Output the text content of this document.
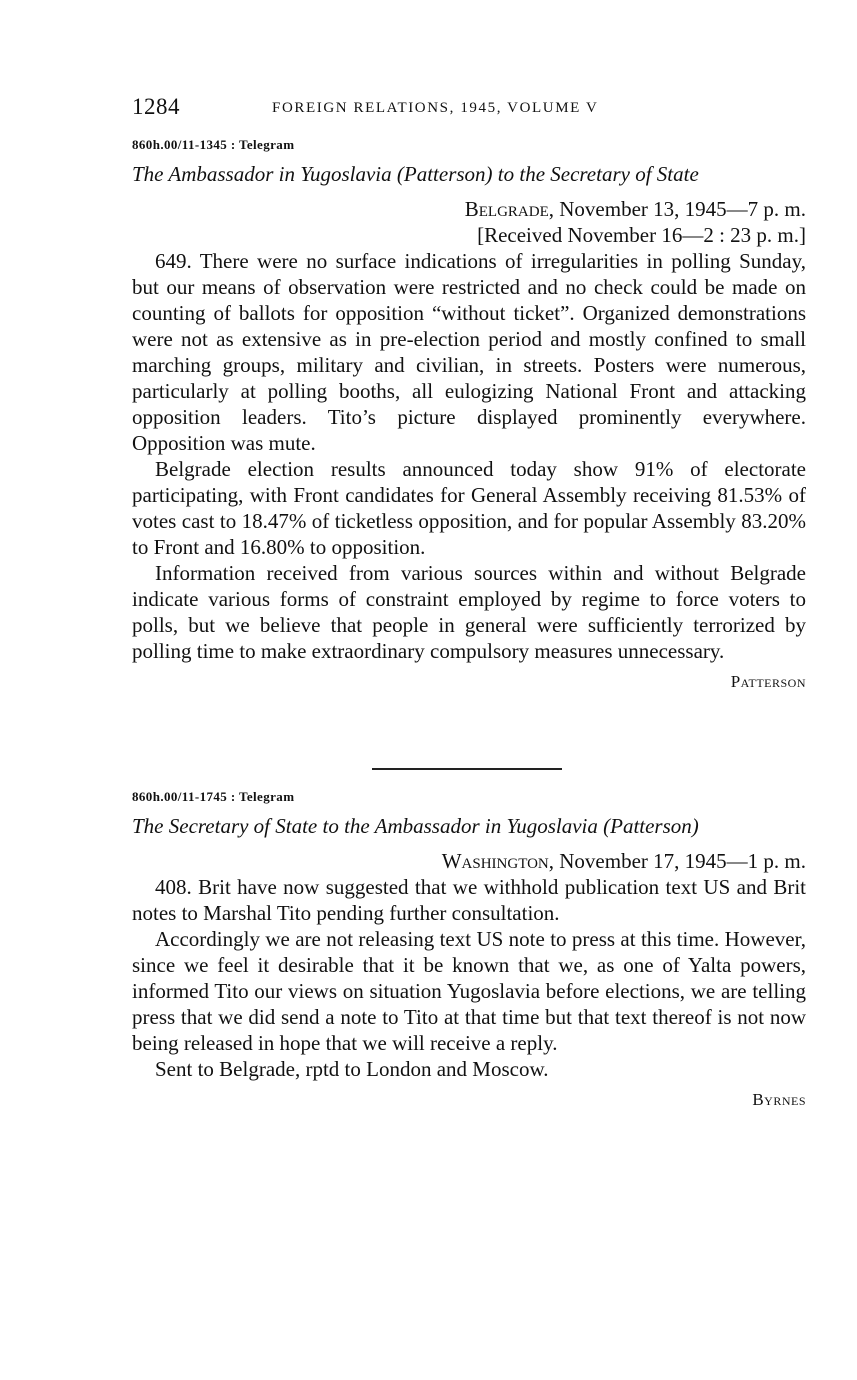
1284	FOREIGN RELATIONS, 1945, VOLUME V
860h.00/11-1345 : Telegram
The Ambassador in Yugoslavia (Patterson) to the Secretary of State
Belgrade, November 13, 1945—7 p. m.
[Received November 16—2 : 23 p. m.]

649. There were no surface indications of irregularities in polling Sunday, but our means of observation were restricted and no check could be made on counting of ballots for opposition “without ticket”. Organized demonstrations were not as extensive as in pre-election period and mostly confined to small marching groups, military and civilian, in streets. Posters were numerous, particularly at polling booths, all eulogizing National Front and attacking opposition leaders. Tito’s picture displayed prominently everywhere. Opposition was mute.

Belgrade election results announced today show 91% of electorate participating, with Front candidates for General Assembly receiving 81.53% of votes cast to 18.47% of ticketless opposition, and for popular Assembly 83.20% to Front and 16.80% to opposition.

Information received from various sources within and without Belgrade indicate various forms of constraint employed by regime to force voters to polls, but we believe that people in general were sufficiently terrorized by polling time to make extraordinary compulsory measures unnecessary.

Patterson
860h.00/11-1745 : Telegram
The Secretary of State to the Ambassador in Yugoslavia (Patterson)
Washington, November 17, 1945—1 p. m.

408. Brit have now suggested that we withhold publication text US and Brit notes to Marshal Tito pending further consultation.

Accordingly we are not releasing text US note to press at this time. However, since we feel it desirable that it be known that we, as one of Yalta powers, informed Tito our views on situation Yugoslavia before elections, we are telling press that we did send a note to Tito at that time but that text thereof is not now being released in hope that we will receive a reply.

Sent to Belgrade, rptd to London and Moscow.

Byrnes
